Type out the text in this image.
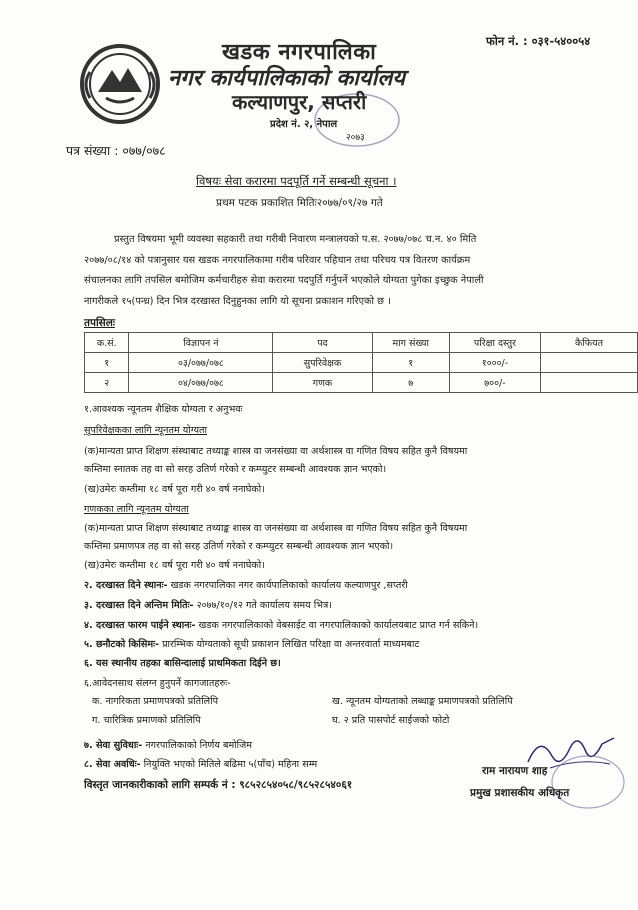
खडक नगरपालिका
नगर कार्यपालिकाको कार्यालय
कल्याणपुर, सप्तरी
प्रदेश नं. २, नेपाल
२०७३
फोन नं. : ०३१-५४००५४
पत्र संख्या : ०७७/०७८
विषयः सेवा करारमा पदपूर्ति गर्ने सम्बन्धी सूचना ।
प्रथम पटक प्रकाशित मितिः२०७७/०९/२७ गते
प्रस्तुत विषयमा भूमी व्यवस्था सहकारी तथा गरीबी निवारण मन्त्रालयको प.स. २०७७/०७८ च.न. ४० मिति
२०७७/०८/१४ को पत्रानुसार यस खडक नगरपालिकामा गरीब परिवार पहिचान तथा परिचय पत्र वितरण कार्यक्रम
संचालनका लागि तपसिल बमोजिम कर्मचारीहरु सेवा करारमा पदपुर्ति गर्नुपर्ने भएकोले योग्यता पुगेका इच्छुक नेपाली
नागरीकले १५(पन्ध्र) दिन भित्र दरखास्त दिनुहुनका लागि यो सूचना प्रकाशन गरिएको छ ।
तपसिलः
क.सं.	विज्ञापन नं	पद	माग संख्या	परिक्षा दस्तुर	कैफियत
१	०३/०७७/०७८	सुपरिवेक्षक	१	१०००/-	
२	०४/०७७/०७८	गणक	७	७००/-	
१.आवश्यक न्यूनतम शैक्षिक योग्यता र अनुभवः
सुपरिवेक्षकका लागि न्यूनतम योग्यता
(क)मान्यता प्राप्त शिक्षण संस्थाबाट तथ्याङ्क शास्त्र वा जनसंख्या वा अर्थशास्त्र वा गणित विषय सहित कुनै विषयमा
कम्तिमा स्नातक तह वा सो सरह उतिर्ण गरेको र कम्प्युटर सम्बन्धी आवश्यक ज्ञान भएको।
(ख)उमेरः कम्तीमा १८ वर्ष पूरा गरी ४० वर्ष ननाघेको।
गणकका लागि न्यूनतम योग्यता
(क)मान्यता प्राप्त शिक्षण संस्थाबाट तथ्याङ्क शास्त्र वा जनसंख्या वा अर्थशास्त्र वा गणित विषय सहित कुनै विषयमा
कम्तिमा प्रमाणपत्र तह वा सो सरह उतिर्ण गरेको र कम्प्युटर सम्बन्धी आवश्यक ज्ञान भएको।
(ख)उमेरः कम्तीमा १८ वर्ष पूरा गरी ४० वर्ष ननाघेको।
२. दरखास्त दिने स्थानः- खडक नगरपालिका नगर कार्यपालिकाको कार्यालय कल्याणपुर ,सप्तरी
३. दरखास्त दिने अन्तिम मितिः- २०७७/१०/१२ गते कार्यालय समय भित्र।
४. दरखास्त फारम पाईने स्थानः- खडक नगरपालिकाको वेबसाईट वा नगरपालिकाको कार्यालयबाट प्राप्त गर्न सकिने।
५. छनौटको किसिमः- प्रारम्भिक योग्यताको सूची प्रकाशन लिखित परिक्षा वा अन्तरवार्ता माध्यमबाट
६. यस स्थानीय तहका बासिन्दालाई प्राथमिकता दिईने छ।
६.आवेदनसाथ संलग्न हुनुपर्ने कागजातहरुः-
क. नागरिकता प्रमाणपत्रको प्रतिलिपि	ख. न्यूनतम योग्यताको लब्धाङ्क प्रमाणपत्रको प्रतिलिपि
ग. चारित्रिक प्रमाणको प्रतिलिपि	घ. २ प्रति पासपोर्ट साईजको फोटो
७. सेवा सुविधाः- नगरपालिकाको निर्णय बमोजिम
८. सेवा अवधिः- नियुक्ति भएको मितिले बढिमा ५(पाँच) महिना सम्म
विस्तृत जानकारीकाको लागि सम्पर्क नं : ९८५२८५४०५८/९८५२८५४०६१
राम नारायण शाह
प्रमुख प्रशासकीय अधिकृत
